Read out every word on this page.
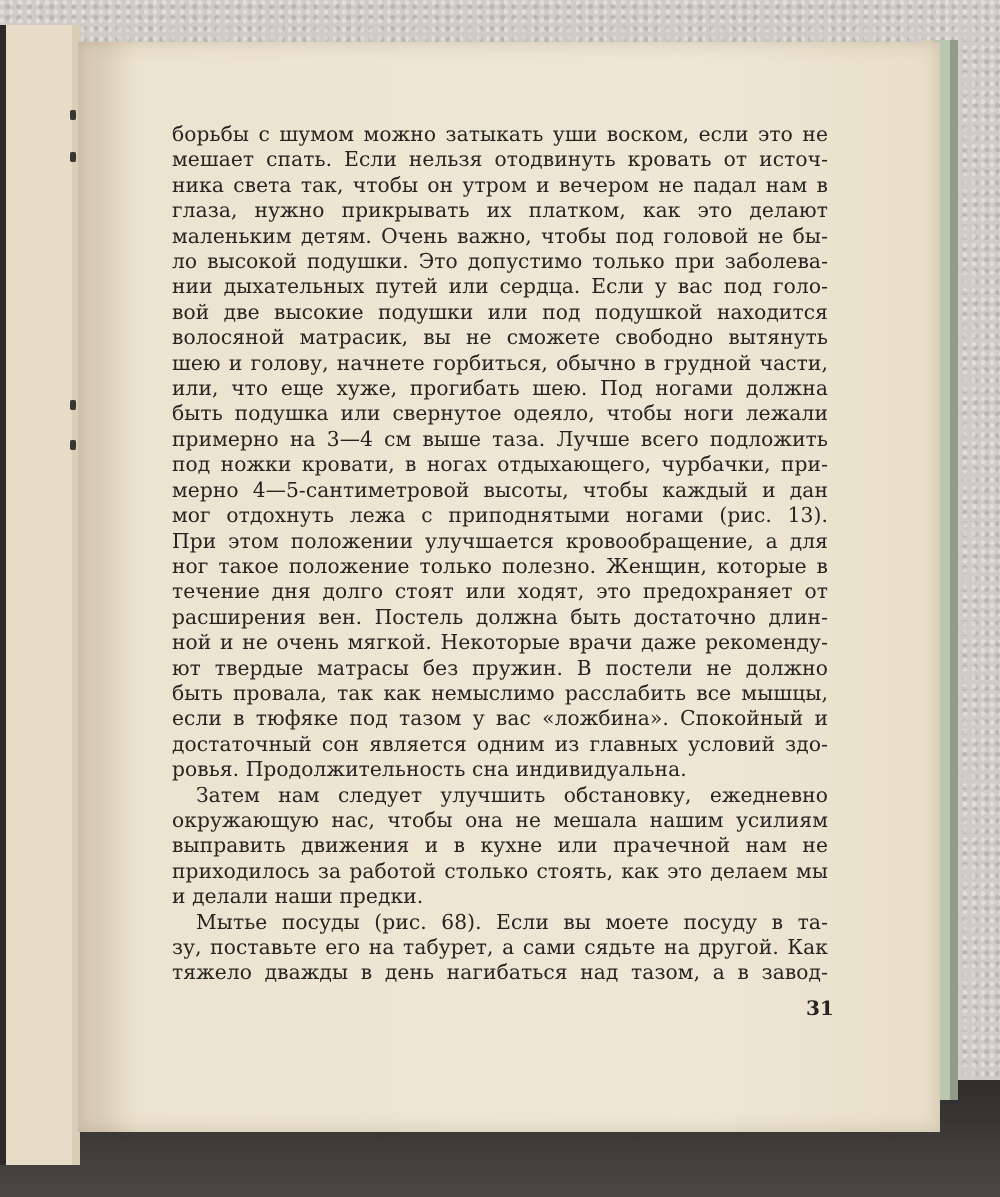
борьбы с шумом можно затыкать уши воском, если это не
мешает спать. Если нельзя отодвинуть кровать от источ-
ника света так, чтобы он утром и вечером не падал нам в
глаза, нужно прикрывать их платком, как это делают
маленьким детям. Очень важно, чтобы под головой не бы-
ло высокой подушки. Это допустимо только при заболева-
нии дыхательных путей или сердца. Если у вас под голо-
вой две высокие подушки или под подушкой находится
волосяной матрасик, вы не сможете свободно вытянуть
шею и голову, начнете горбиться, обычно в грудной части,
или, что еще хуже, прогибать шею. Под ногами должна
быть подушка или свернутое одеяло, чтобы ноги лежали
примерно на 3—4 см выше таза. Лучше всего подложить
под ножки кровати, в ногах отдыхающего, чурбачки, при-
мерно 4—5-сантиметровой высоты, чтобы каждый и дан
мог отдохнуть лежа с приподнятыми ногами (рис. 13).
При этом положении улучшается кровообращение, а для
ног такое положение только полезно. Женщин, которые в
течение дня долго стоят или ходят, это предохраняет от
расширения вен. Постель должна быть достаточно длин-
ной и не очень мягкой. Некоторые врачи даже рекоменду-
ют твердые матрасы без пружин. В постели не должно
быть провала, так как немыслимо расслабить все мышцы,
если в тюфяке под тазом у вас «ложбина». Спокойный и
достаточный сон является одним из главных условий здо-
ровья. Продолжительность сна индивидуальна.
Затем нам следует улучшить обстановку, ежедневно
окружающую нас, чтобы она не мешала нашим усилиям
выправить движения и в кухне или прачечной нам не
приходилось за работой столько стоять, как это делаем мы
и делали наши предки.
Мытье посуды (рис. 68). Если вы моете посуду в та-
зу, поставьте его на табурет, а сами сядьте на другой. Как
тяжело дважды в день нагибаться над тазом, а в завод-
31
